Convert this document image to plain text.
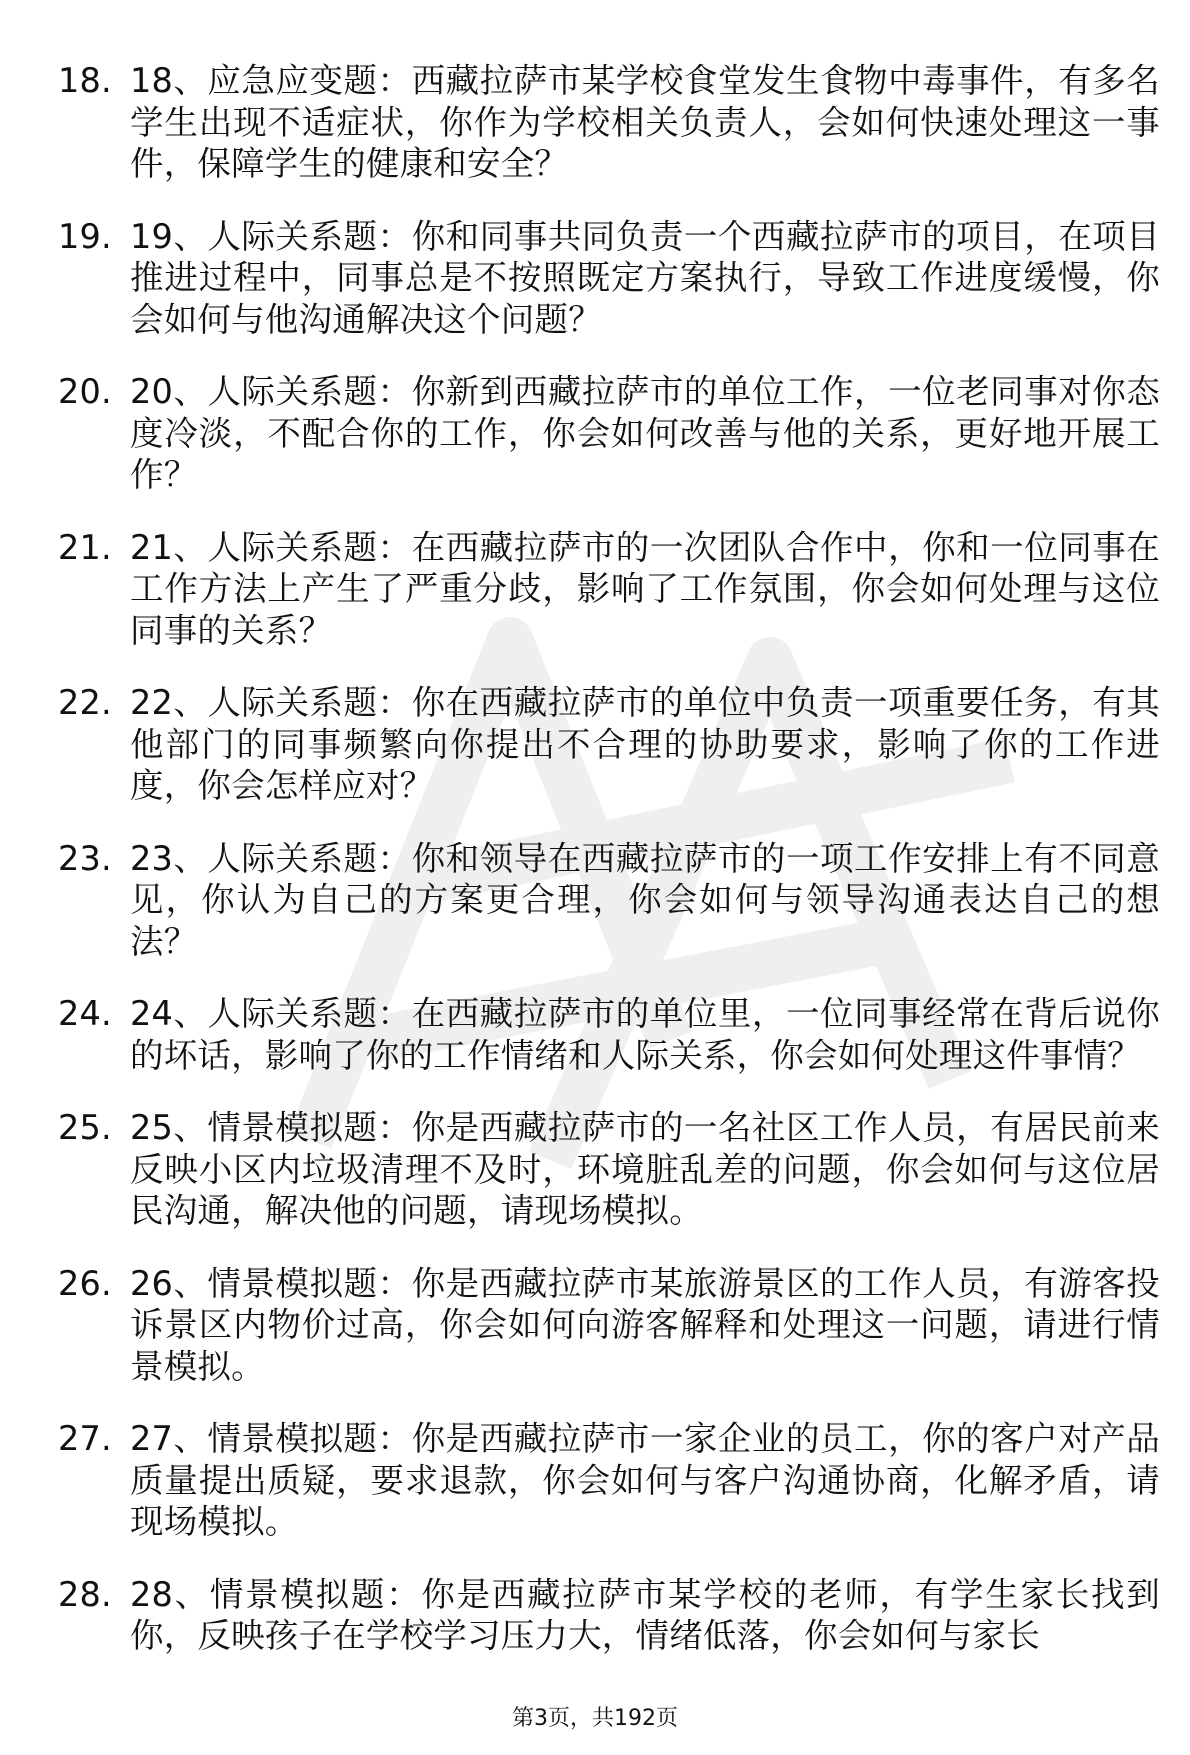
18. 18、应急应变题：西藏拉萨市某学校食堂发生食物中毒事件，有多名学生出现不适症状，你作为学校相关负责人，会如何快速处理这一事件，保障学生的健康和安全？
19. 19、人际关系题：你和同事共同负责一个西藏拉萨市的项目，在项目推进过程中，同事总是不按照既定方案执行，导致工作进度缓慢，你会如何与他沟通解决这个问题？
20. 20、人际关系题：你新到西藏拉萨市的单位工作，一位老同事对你态度冷淡，不配合你的工作，你会如何改善与他的关系，更好地开展工作？
21. 21、人际关系题：在西藏拉萨市的一次团队合作中，你和一位同事在工作方法上产生了严重分歧，影响了工作氛围，你会如何处理与这位同事的关系？
22. 22、人际关系题：你在西藏拉萨市的单位中负责一项重要任务，有其他部门的同事频繁向你提出不合理的协助要求，影响了你的工作进度，你会怎样应对？
23. 23、人际关系题：你和领导在西藏拉萨市的一项工作安排上有不同意见，你认为自己的方案更合理，你会如何与领导沟通表达自己的想法？
24. 24、人际关系题：在西藏拉萨市的单位里，一位同事经常在背后说你的坏话，影响了你的工作情绪和人际关系，你会如何处理这件事情？
25. 25、情景模拟题：你是西藏拉萨市的一名社区工作人员，有居民前来反映小区内垃圾清理不及时，环境脏乱差的问题，你会如何与这位居民沟通，解决他的问题，请现场模拟。
26. 26、情景模拟题：你是西藏拉萨市某旅游景区的工作人员，有游客投诉景区内物价过高，你会如何向游客解释和处理这一问题，请进行情景模拟。
27. 27、情景模拟题：你是西藏拉萨市一家企业的员工，你的客户对产品质量提出质疑，要求退款，你会如何与客户沟通协商，化解矛盾，请现场模拟。
28. 28、情景模拟题：你是西藏拉萨市某学校的老师，有学生家长找到你，反映孩子在学校学习压力大，情绪低落，你会如何与家长
第3页，共192页
